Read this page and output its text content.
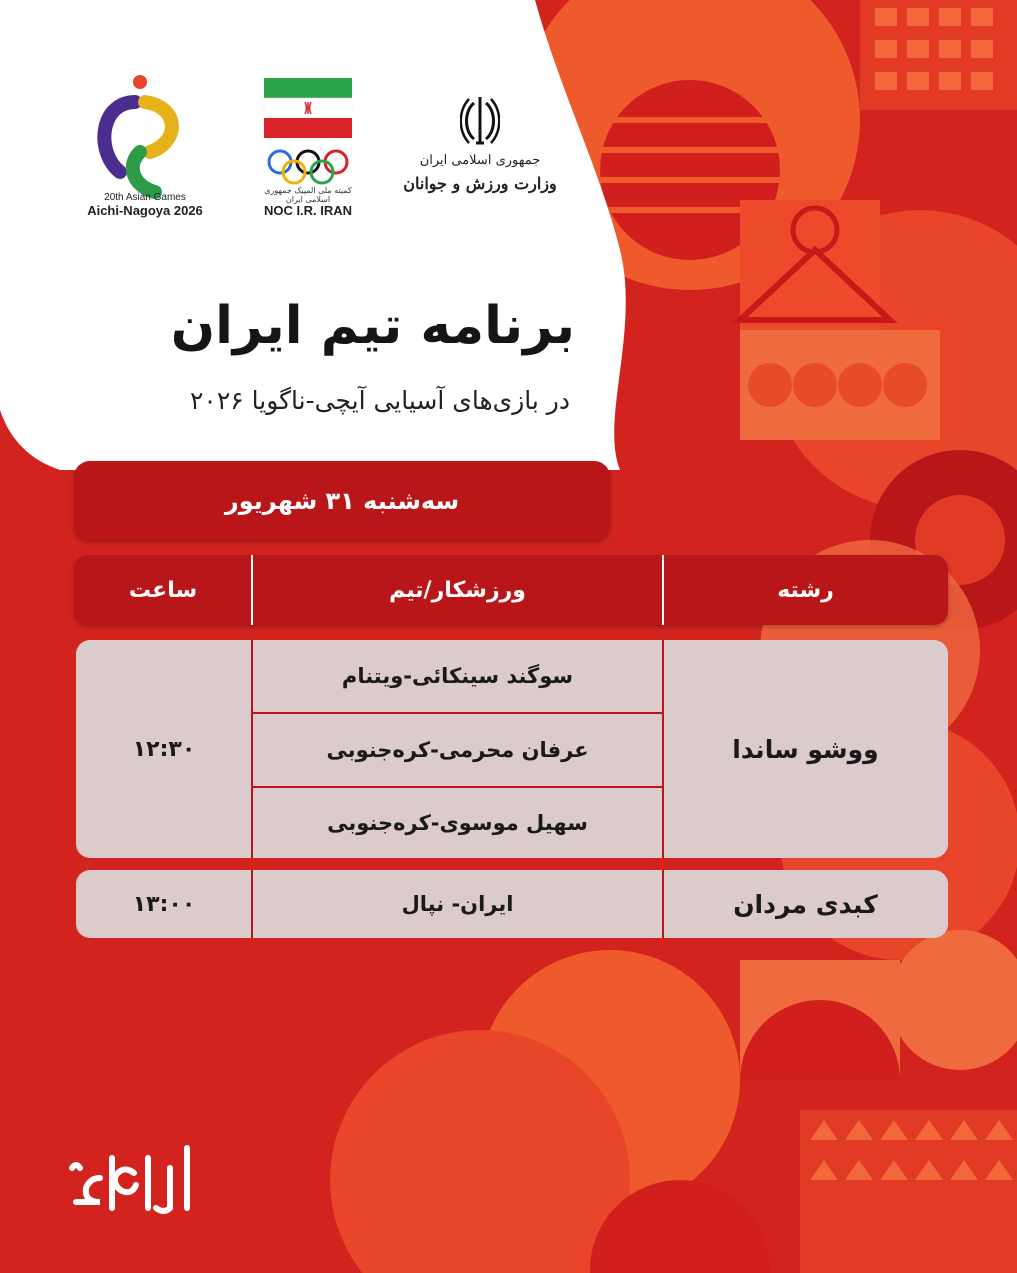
20th Asian Games
Aichi-Nagoya 2026
کمیته ملی المپیک جمهوری اسلامی ایران
NOC I.R. IRAN
جمهوری اسلامی ایران
وزارت ورزش و جوانان
برنامه تیم ایران
در بازی‌های آسیایی آیچی-ناگویا ۲۰۲۶
سه‌شنبه ۳۱ شهریور
رشته
ورزشکار/تیم
ساعت
ووشو ساندا
سوگند سینکائی-ویتنام
عرفان محرمی-کره‌جنوبی
سهیل موسوی-کره‌جنوبی
۱۲:۳۰
کبدی مردان
ایران- نپال
۱۳:۰۰
